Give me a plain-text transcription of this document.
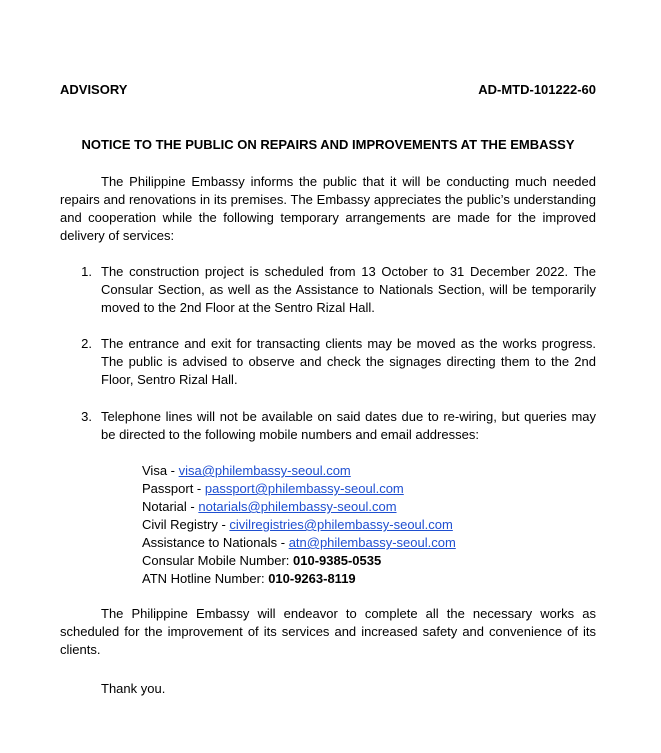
ADVISORY	AD-MTD-101222-60
NOTICE TO THE PUBLIC ON REPAIRS AND IMPROVEMENTS AT THE EMBASSY
The Philippine Embassy informs the public that it will be conducting much needed repairs and renovations in its premises. The Embassy appreciates the public’s understanding and cooperation while the following temporary arrangements are made for the improved delivery of services:
1. The construction project is scheduled from 13 October to 31 December 2022. The Consular Section, as well as the Assistance to Nationals Section, will be temporarily moved to the 2nd Floor at the Sentro Rizal Hall.
2. The entrance and exit for transacting clients may be moved as the works progress. The public is advised to observe and check the signages directing them to the 2nd Floor, Sentro Rizal Hall.
3. Telephone lines will not be available on said dates due to re-wiring, but queries may be directed to the following mobile numbers and email addresses:
Visa - visa@philembassy-seoul.com
Passport - passport@philembassy-seoul.com
Notarial - notarials@philembassy-seoul.com
Civil Registry - civilregistries@philembassy-seoul.com
Assistance to Nationals - atn@philembassy-seoul.com
Consular Mobile Number: 010-9385-0535
ATN Hotline Number: 010-9263-8119
The Philippine Embassy will endeavor to complete all the necessary works as scheduled for the improvement of its services and increased safety and convenience of its clients.
Thank you.
